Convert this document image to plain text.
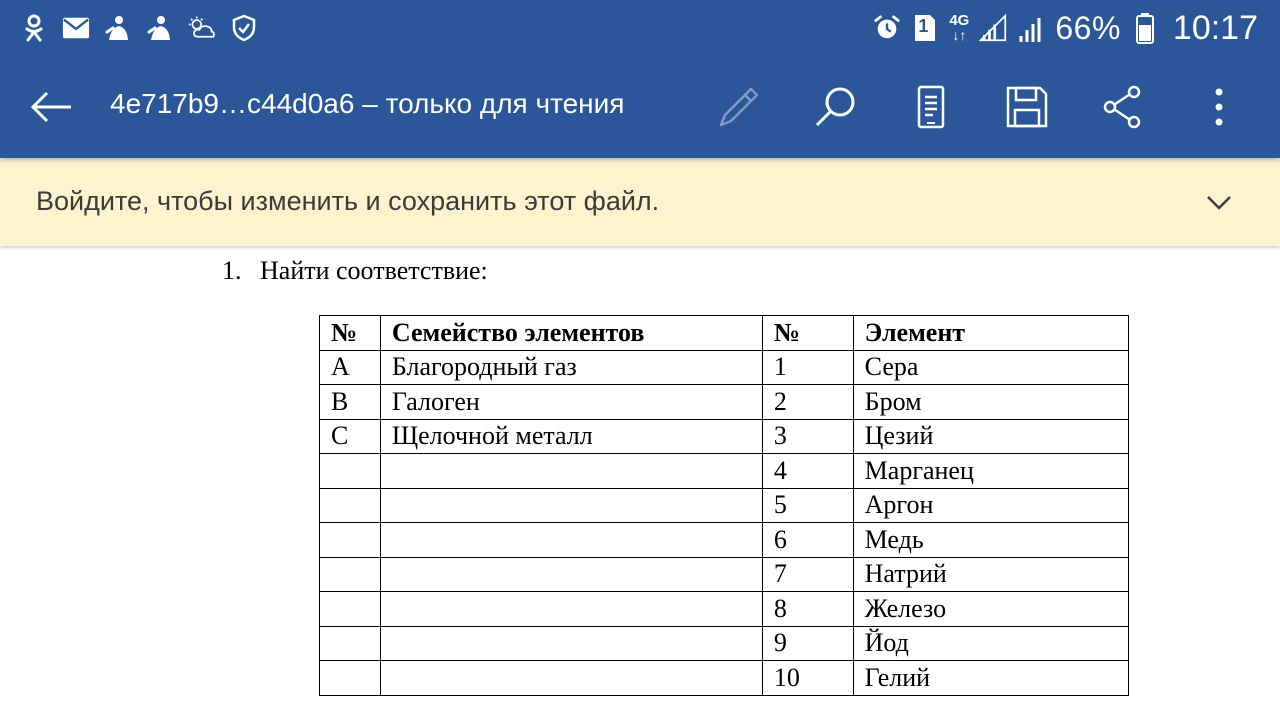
1	4G
↓↑	66% 10:17
4e717b9…c44d0a6 – только для чтения
Войдите, чтобы изменить и сохранить этот файл.
1. Найти соответствие:
№	Семейство элементов	№	Элемент
A	Благородный газ	1	Сера
B	Галоген	2	Бром
C	Щелочной металл	3	Цезий
		4	Марганец
		5	Аргон
		6	Медь
		7	Натрий
		8	Железо
		9	Йод
		10	Гелий
